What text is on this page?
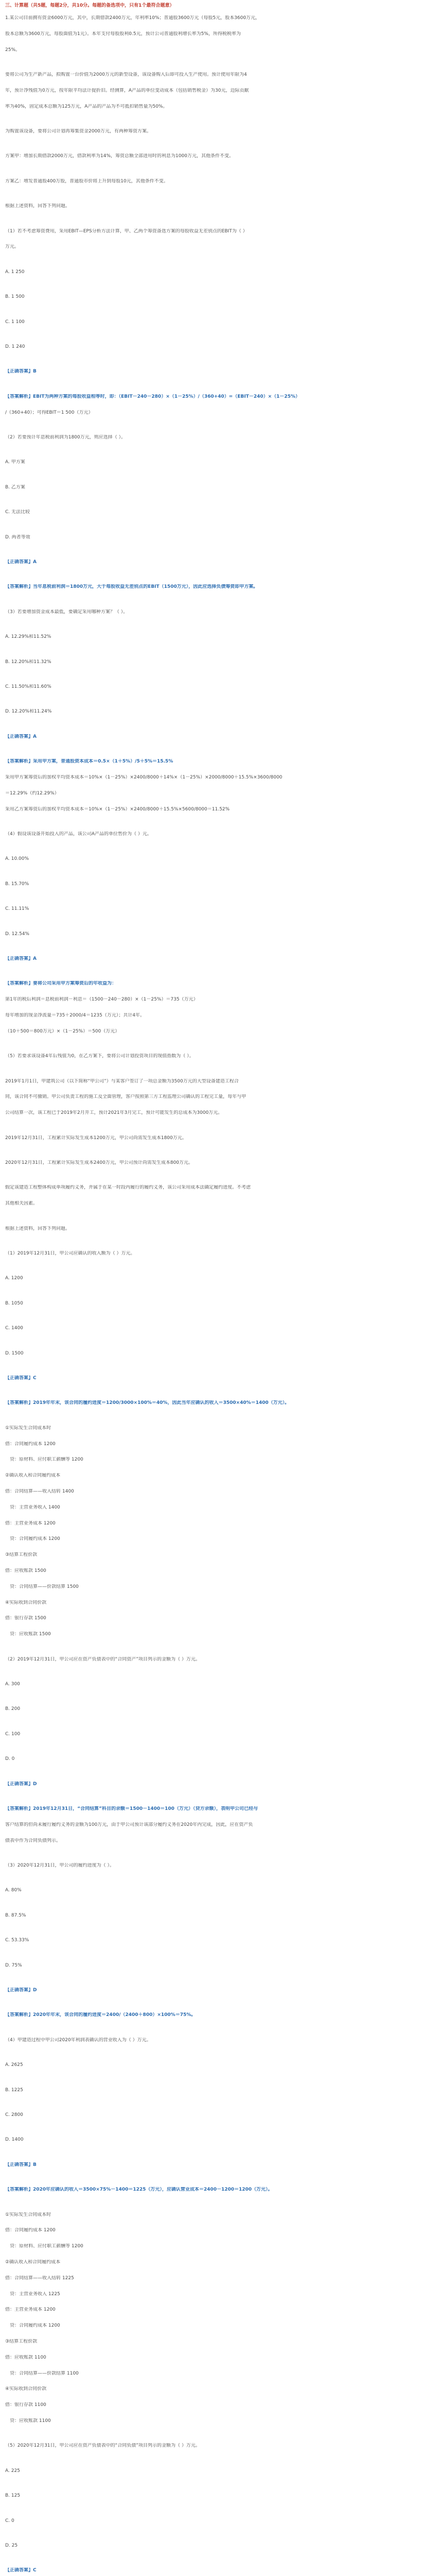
三、计算题（共5题，每题2分，共10分。每题的备选项中，只有1个最符合题意）
1.某公司目前拥有资金6000万元，其中，长期借款2400万元，年利率10%；普通股3600万元（每股5元，股本3600万元，
股本总额为3600万元，每股面值为1元）。本年支付每股股利0.5元，预计公司普通股利增长率为5%，所得税税率为
25%。
要将公司为生产新产品，拟购置一台价值为2000万元的新型设备，该设备购入后即可投入生产使用。预计使用年限为4
年，预计净残值为0万元，按年限平均法计提折旧。经测算，A产品的单位变动成本（包括销售税金）为30元，边际贡献
率为40%，固定成本总额为125万元，A产品的产品为不可抵扣销售量为50%。
为购置该设备，要将公司计划再筹集资金2000万元，有两种筹资方案。
方案甲：增加长期借款2000万元，借款利率为14%，筹资总额全部进用时的利息为1000万元，其他条件不变。
方案乙：增发普通股400万股，普通股市价将上升到每股10元，其他条件不变。
根据上述资料，回答下列问题。
（1）若不考虑筹资费用，采用EBIT—EPS分析方法计算，甲、乙两个筹资备选方案的每股收益无差别点的EBIT为（ ）
万元。
A. 1 250
B. 1 500
C. 1 100
D. 1 240
【正确答案】B
【答案解析】EBIT为两种方案的每股收益相等时，即：（EBIT－240－280）×（1－25%）/（360+40）=（EBIT－240）×（1－25%）
/（360+40）；可得EBIT＝1 500（万元）
（2）若要预计年息税前利润为1800万元，则应选择（ ）。
A. 甲方案
B. 乙方案
C. 无法比较
D. 两者等效
【正确答案】A
【答案解析】当年息税前利润＝1800万元，大于每股收益无差别点的EBIT（1500万元），因此应选择负债筹资即甲方案。
（3）若要增加资金成本最低，要确定采用哪种方案？（ ）。
A. 12.29%和11.52%
B. 12.20%和11.32%
C. 11.50%和11.60%
D. 12.20%和11.24%
【正确答案】A
【答案解析】采用甲方案，普通股资本成本＝0.5×（1＋5%）/5＋5%＝15.5%
采用甲方案筹资后的加权平均资本成本＝10%×（1－25%）×2400/8000＋14%×（1－25%）×2000/8000＋15.5%×3600/8000
＝12.29%（约12.29%）
采用乙方案筹资后的加权平均资本成本＝10%×（1－25%）×2400/8000＋15.5%×5600/8000＝11.52%
（4）假设该设备开始投入的产品，该公司A产品的单位售价为（ ）元。
A. 10.00%
B. 15.70%
C. 11.11%
D. 12.54%
【正确答案】A
【答案解析】要将公司采用甲方案筹资后的年收益为：
第1年的税后利润＝息税前利润－利息＝（1500－240－280）×（1－25%）＝735（万元）
每年增加的现金净流量＝735＋2000/4＝1235（万元）；共计4年。
（10＋500＝800万元）×（1－25%）＝500（万元）
（5）若要求该设备4年后残值为0，在乙方案下，要将公司计划投资项目的现值指数为（ ）。
2019年1月1日，甲建筑公司（以下简称“甲公司”）与某客户签订了一项总金额为3500万元的大型设备建造工程合
同，该合同不可撤销。甲公司负责工程的施工及全面管理，客户按照第三方工程监理公司确认的工程完工量，每年与甲
公司结算一次，该工程已于2019年2月开工，预计2021年3月完工，预计可能发生的总成本为3000万元。
2019年12月31日，工程累计实际发生成本1200万元，甲公司尚需发生成本1800万元。
2020年12月31日，工程累计实际发生成本2400万元，甲公司预计尚需发生成本800万元。
假定该建造工程整体构成单项履约义务，并属于在某一时段内履行的履约义务，该公司采用成本法确定履约进度。不考虑
其他相关因素。
根据上述资料，回答下列问题。
（1）2019年12月31日，甲公司应确认的收入额为（ ）万元。
A. 1200
B. 1050
C. 1400
D. 1500
【正确答案】C
【答案解析】2019年年末，该合同的履约进度＝1200/3000×100%＝40%，因此当年应确认的收入＝3500×40%＝1400（万元）。
①实际发生合同成本时
借：合同履约成本 1200
　贷：原材料、应付职工薪酬等 1200
②确认收入和合同履约成本
借：合同结算——收入结转 1400
　贷：主营业务收入 1400
借：主营业务成本 1200
　贷：合同履约成本 1200
③结算工程价款
借：应收账款 1500
　贷：合同结算——价款结算 1500
④实际收到合同价款
借：银行存款 1500
　贷：应收账款 1500
（2）2019年12月31日，甲公司应在资产负债表中的“合同资产”项目列示的金额为（ ）万元。
A. 300
B. 200
C. 100
D. 0
【正确答案】D
【答案解析】2019年12月31日，“合同结算”科目的余额＝1500－1400＝100（万元）（贷方余额），表明甲公司已经与
客户结算的但尚未履行履约义务的金额为100万元，由于甲公司预计该部分履约义务在2020年内完成，因此，应在资产负
债表中作为合同负债列示。
（3）2020年12月31日，甲公司的履约进度为（ ）。
A. 80%
B. 87.5%
C. 53.33%
D. 75%
【正确答案】D
【答案解析】2020年年末，该合同的履约进度＝2400/（2400＋800）×100%＝75%。
（4）甲建造过程中甲公司2020年利润表确认的营业收入为（ ）万元。
A. 2625
B. 1225
C. 2800
D. 1400
【正确答案】B
【答案解析】2020年应确认的收入＝3500×75%－1400＝1225（万元），应确认营业成本＝2400－1200＝1200（万元）。
①实际发生合同成本时
借：合同履约成本 1200
　贷：原材料、应付职工薪酬等 1200
②确认收入和合同履约成本
借：合同结算——收入结转 1225
　贷：主营业务收入 1225
借：主营业务成本 1200
　贷：合同履约成本 1200
③结算工程价款
借：应收账款 1100
　贷：合同结算——价款结算 1100
④实际收到合同价款
借：银行存款 1100
　贷：应收账款 1100
（5）2020年12月31日，甲公司应在资产负债表中的“合同负债”项目列示的金额为（ ）万元。
A. 225
B. 125
C. 0
D. 25
【正确答案】C
